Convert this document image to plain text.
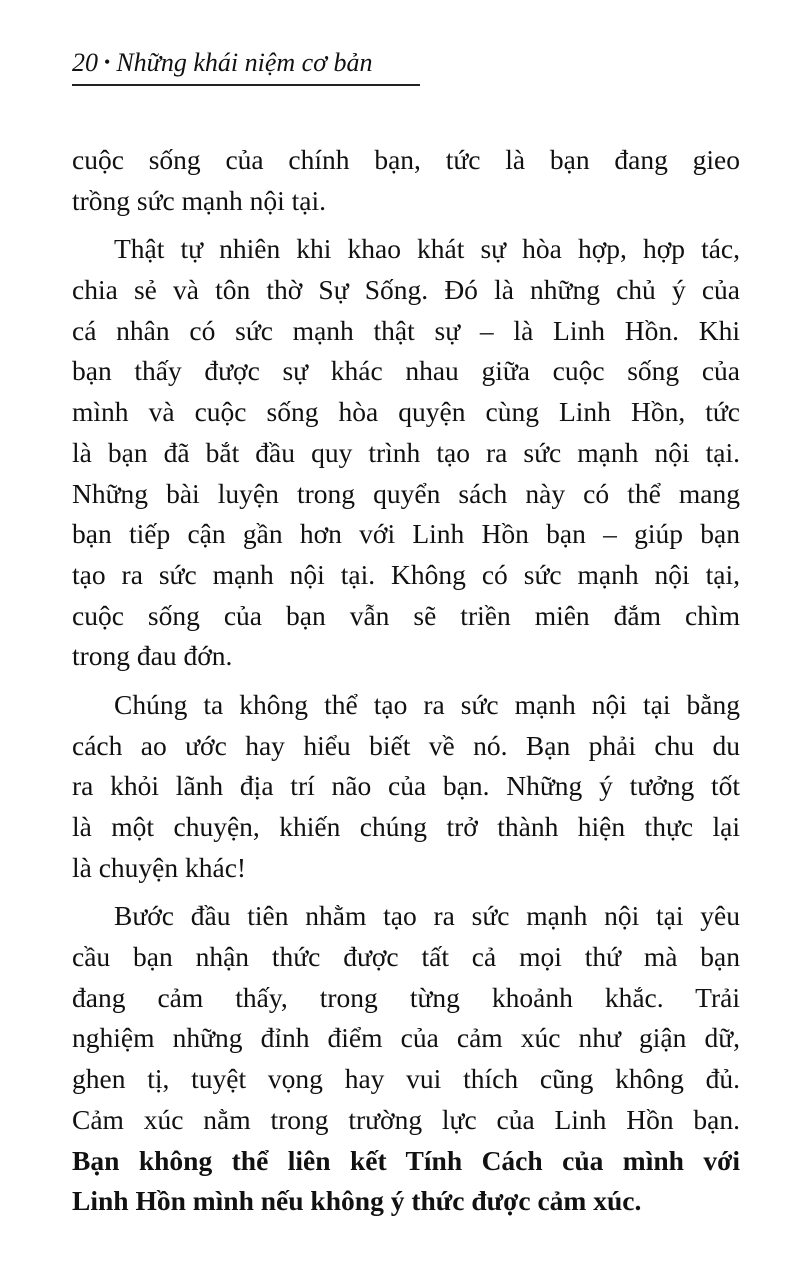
20 • Những khái niệm cơ bản
cuộc sống của chính bạn, tức là bạn đang gieo
trồng sức mạnh nội tại.
Thật tự nhiên khi khao khát sự hòa hợp, hợp tác,
chia sẻ và tôn thờ Sự Sống. Đó là những chủ ý của
cá nhân có sức mạnh thật sự – là Linh Hồn. Khi
bạn thấy được sự khác nhau giữa cuộc sống của
mình và cuộc sống hòa quyện cùng Linh Hồn, tức
là bạn đã bắt đầu quy trình tạo ra sức mạnh nội tại.
Những bài luyện trong quyển sách này có thể mang
bạn tiếp cận gần hơn với Linh Hồn bạn – giúp bạn
tạo ra sức mạnh nội tại. Không có sức mạnh nội tại,
cuộc sống của bạn vẫn sẽ triền miên đắm chìm
trong đau đớn.
Chúng ta không thể tạo ra sức mạnh nội tại bằng
cách ao ước hay hiểu biết về nó. Bạn phải chu du
ra khỏi lãnh địa trí não của bạn. Những ý tưởng tốt
là một chuyện, khiến chúng trở thành hiện thực lại
là chuyện khác!
Bước đầu tiên nhằm tạo ra sức mạnh nội tại yêu
cầu bạn nhận thức được tất cả mọi thứ mà bạn
đang cảm thấy, trong từng khoảnh khắc. Trải
nghiệm những đỉnh điểm của cảm xúc như giận dữ,
ghen tị, tuyệt vọng hay vui thích cũng không đủ.
Cảm xúc nằm trong trường lực của Linh Hồn bạn.
Bạn không thể liên kết Tính Cách của mình với
Linh Hồn mình nếu không ý thức được cảm xúc.
